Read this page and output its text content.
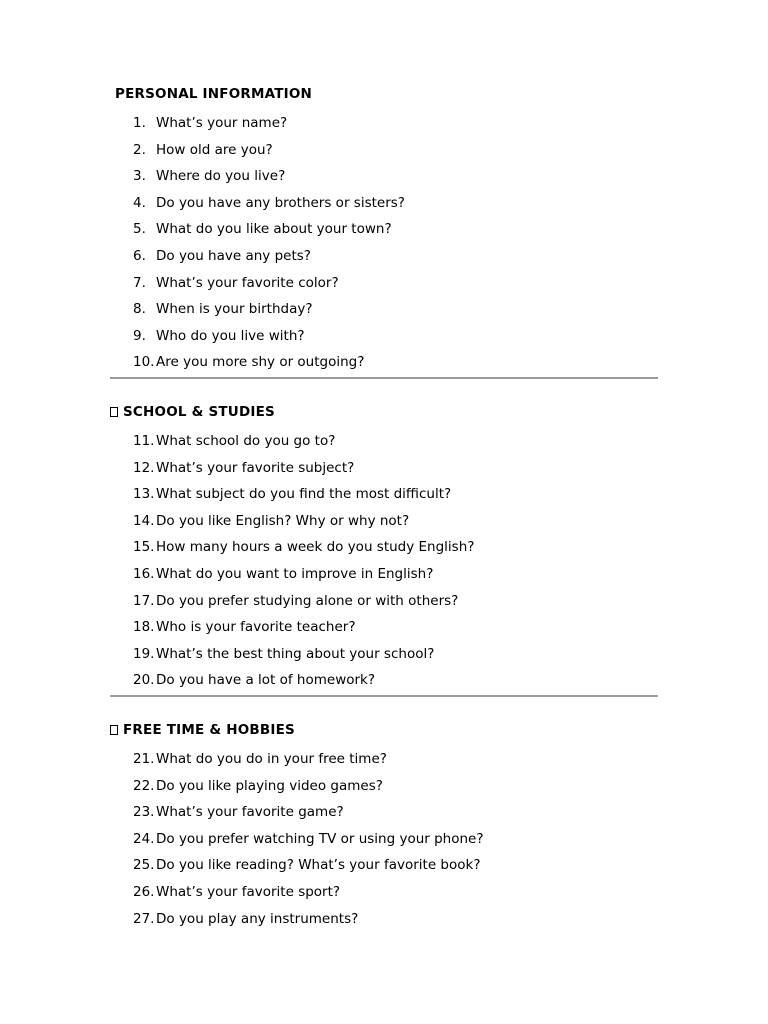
PERSONAL INFORMATION
1. What’s your name?
2. How old are you?
3. Where do you live?
4. Do you have any brothers or sisters?
5. What do you like about your town?
6. Do you have any pets?
7. What’s your favorite color?
8. When is your birthday?
9. Who do you live with?
10. Are you more shy or outgoing?
SCHOOL & STUDIES
11. What school do you go to?
12. What’s your favorite subject?
13. What subject do you find the most difficult?
14. Do you like English? Why or why not?
15. How many hours a week do you study English?
16. What do you want to improve in English?
17. Do you prefer studying alone or with others?
18. Who is your favorite teacher?
19. What’s the best thing about your school?
20. Do you have a lot of homework?
FREE TIME & HOBBIES
21. What do you do in your free time?
22. Do you like playing video games?
23. What’s your favorite game?
24. Do you prefer watching TV or using your phone?
25. Do you like reading? What’s your favorite book?
26. What’s your favorite sport?
27. Do you play any instruments?
